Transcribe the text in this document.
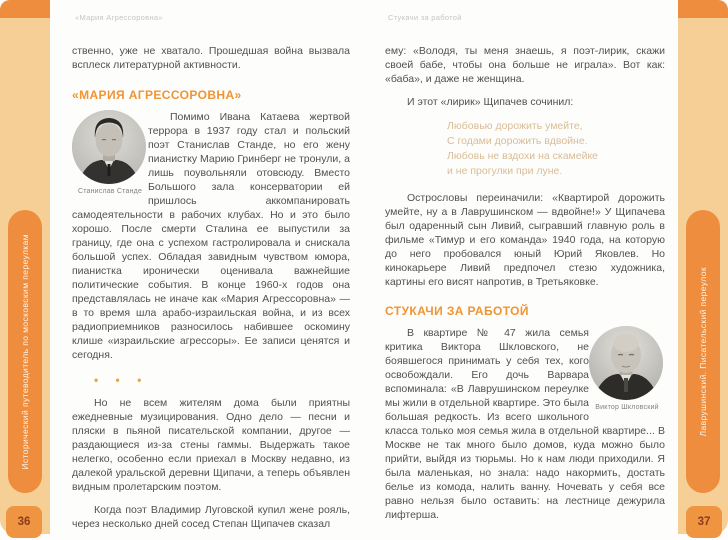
Исторический путеводитель по московским переулкам
36
Лаврушинский. Писательский переулок
37
«Мария Агрессоровна»

ственно, уже не хватало. Прошедшая война вызвала всплеск литературной активности.

«МАРИЯ АГРЕССОРОВНА»
Станислав Станде

Помимо Ивана Катаева жертвой террора в 1937 году стал и польский поэт Станислав Станде, но его жену пианистку Марию Гринберг не тронули, а лишь поувольняли отовсюду. Вместо Большого зала консерватории ей пришлось аккомпанировать самодеятельности в рабочих клубах. Но и это было хорошо. После смерти Сталина ее выпустили за границу, где она с успехом гастролировала и снискала большой успех. Обладая завидным чувством юмора, пианистка иронически оценивала важнейшие политические события. В конце 1960-х годов она представлялась не иначе как «Мария Агрессоровна» — в то время шла арабо-израильская война, и из всех радиоприемников разносилось набившее оскомину клише «израильские агрессоры». Ее записи ценятся и сегодня.

• • •

Но не всем жителям дома были приятны ежедневные музицирования. Одно дело — песни и пляски в пьяной писательской компании, другое — раздающиеся из-за стены гаммы. Выдержать такое нелегко, особенно если приехал в Москву недавно, из далекой уральской деревни Щипачи, а теперь объявлен видным пролетарским поэтом.

Когда поэт Владимир Луговской купил жене рояль, через несколько дней сосед Степан Щипачев сказал

Стукачи за работой

ему: «Володя, ты меня знаешь, я поэт-лирик, скажи своей бабе, чтобы она больше не играла». Вот как: «баба», и даже не женщина.

И этот «лирик» Щипачев сочинил:

Любовью дорожить умейте,
С годами дорожить вдвойне.
Любовь не вздохи на скамейке
и не прогулки при луне.

Острословы переиначили: «Квартирой дорожить умейте, ну а в Лаврушинском — вдвойне!» У Щипачева был одаренный сын Ливий, сыгравший главную роль в фильме «Тимур и его команда» 1940 года, на которую до него пробовался юный Юрий Яковлев. Но кинокарьере Ливий предпочел стезю художника, картины его висят напротив, в Третьяковке.

СТУКАЧИ ЗА РАБОТОЙ
Виктор Шкловский

В квартире № 47 жила семья критика Виктора Шкловского, не боявшегося принимать у себя тех, кого освобождали. Его дочь Варвара вспоминала: «В Лаврушинском переулке мы жили в отдельной квартире. Это была большая редкость. Из всего школьного класса только моя семья жила в отдельной квартире... В Москве не так много было домов, куда можно было прийти, выйдя из тюрьмы. Но к нам люди приходили. Я была маленькая, но знала: надо накормить, достать белье из комода, налить ванну. Ночевать у себя все равно нельзя было оставить: на лестнице дежурила лифтерша.
